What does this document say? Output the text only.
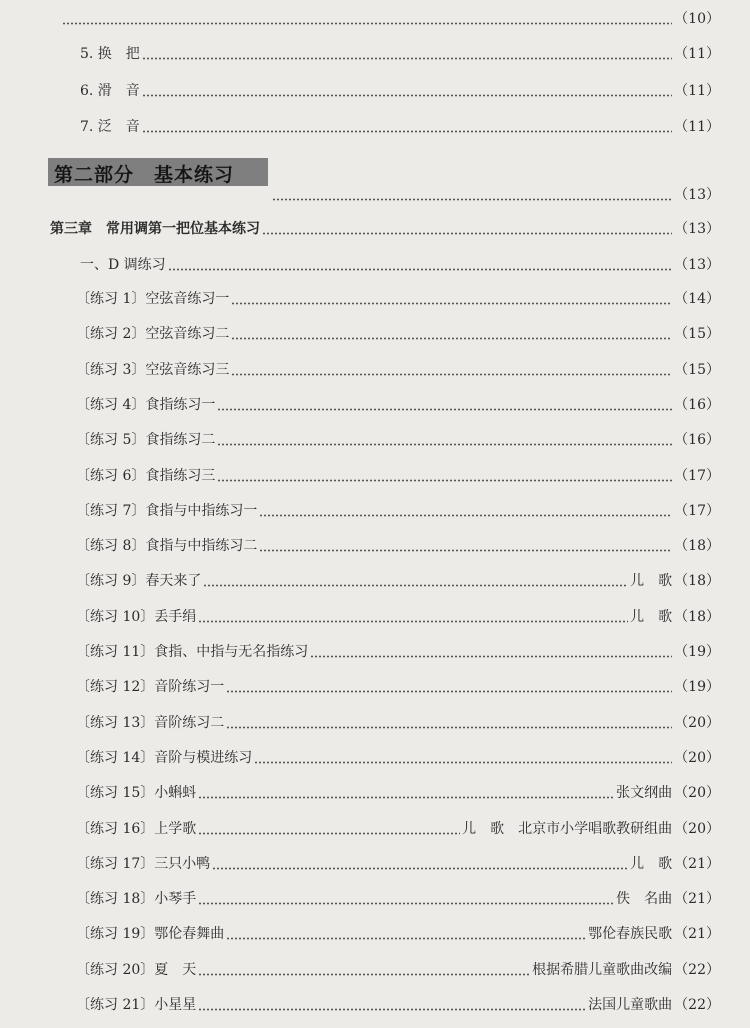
（10）
5. 换　把	（11）
6. 滑　音	（11）
7. 泛　音	（11）
第二部分　基本练习
（13）
第三章　常用调第一把位基本练习	（13）
一、D 调练习	（13）
〔练习 1〕空弦音练习一	（14）
〔练习 2〕空弦音练习二	（15）
〔练习 3〕空弦音练习三	（15）
〔练习 4〕食指练习一	（16）
〔练习 5〕食指练习二	（16）
〔练习 6〕食指练习三	（17）
〔练习 7〕食指与中指练习一	（17）
〔练习 8〕食指与中指练习二	（18）
〔练习 9〕春天来了	儿　歌 （18）
〔练习 10〕丢手绢	儿　歌 （18）
〔练习 11〕食指、中指与无名指练习	（19）
〔练习 12〕音阶练习一	（19）
〔练习 13〕音阶练习二	（20）
〔练习 14〕音阶与模进练习	（20）
〔练习 15〕小蝌蚪	张文纲曲 （20）
〔练习 16〕上学歌	儿　歌　北京市小学唱歌教研组曲 （20）
〔练习 17〕三只小鸭	儿　歌 （21）
〔练习 18〕小琴手	佚　名曲 （21）
〔练习 19〕鄂伦春舞曲	鄂伦春族民歌 （21）
〔练习 20〕夏　天	根据希腊儿童歌曲改编 （22）
〔练习 21〕小星星	法国儿童歌曲 （22）
